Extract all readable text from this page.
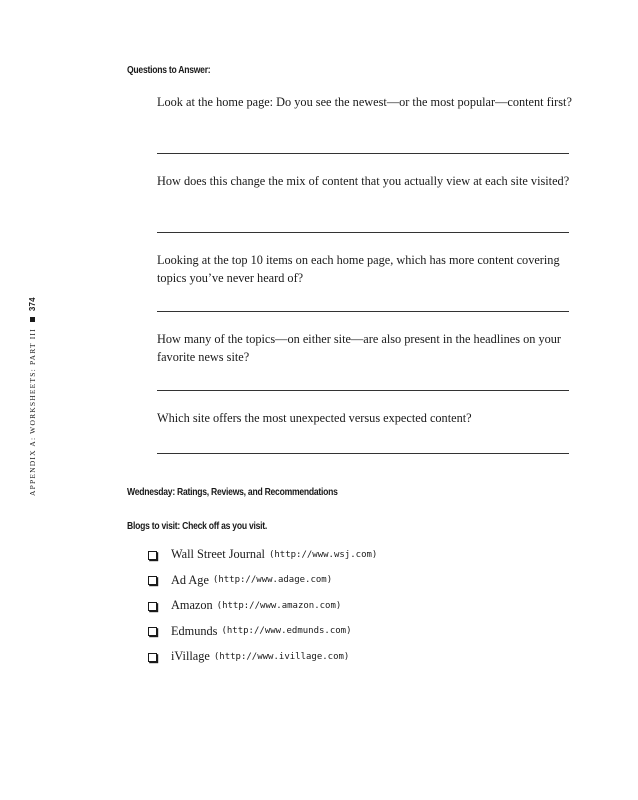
APPENDIX A: WORKSHEETS: PART III
374
Questions to Answer:
Look at the home page: Do you see the newest—or the most popular—content first?
How does this change the mix of content that you actually view at each site visited?
Looking at the top 10 items on each home page, which has more content covering topics you’ve never heard of?
How many of the topics—on either site—are also present in the headlines on your favorite news site?
Which site offers the most unexpected versus expected content?
Wednesday: Ratings, Reviews, and Recommendations
Blogs to visit: Check off as you visit.
Wall Street Journal (http://www.wsj.com)
Ad Age (http://www.adage.com)
Amazon (http://www.amazon.com)
Edmunds (http://www.edmunds.com)
iVillage (http://www.ivillage.com)
